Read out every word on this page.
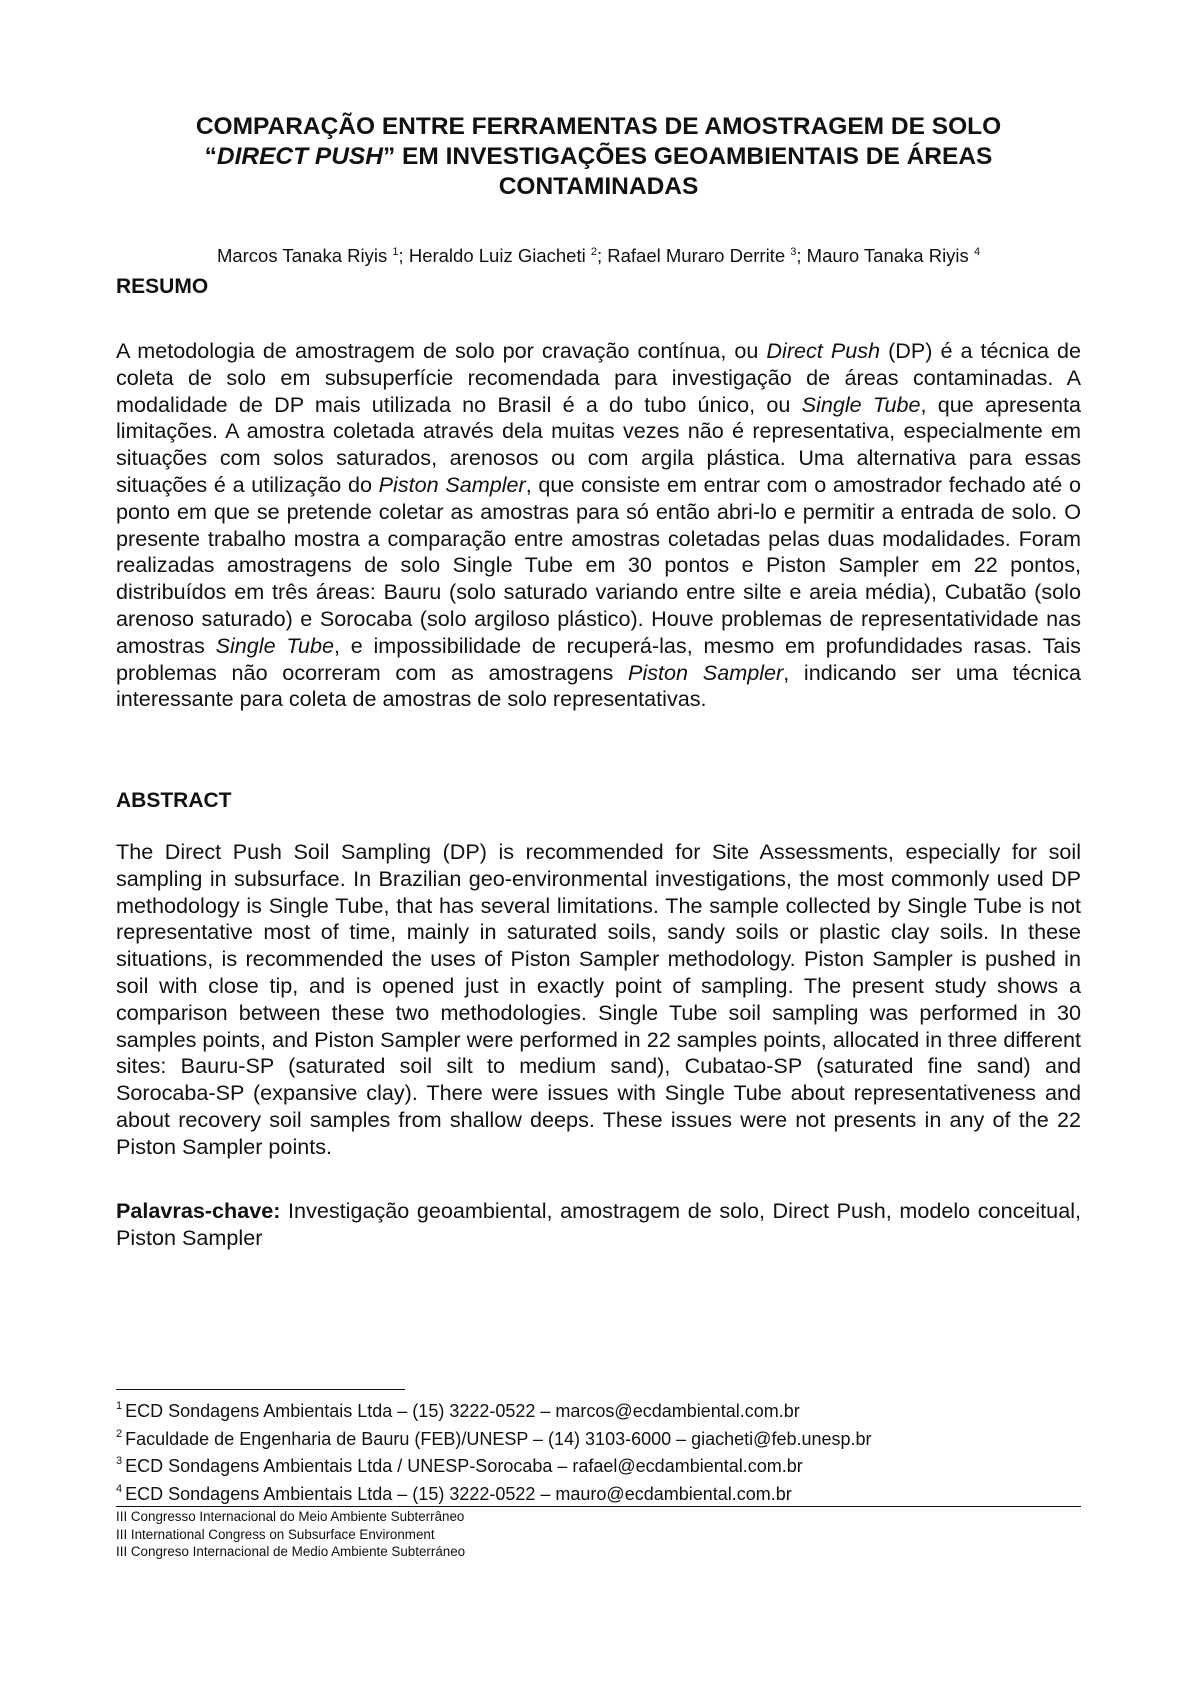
COMPARAÇÃO ENTRE FERRAMENTAS DE AMOSTRAGEM DE SOLO
“DIRECT PUSH” EM INVESTIGAÇÕES GEOAMBIENTAIS DE ÁREAS
CONTAMINADAS
Marcos Tanaka Riyis $^1$; Heraldo Luiz Giacheti $^2$; Rafael Muraro Derrite $^3$; Mauro Tanaka Riyis $^4$
RESUMO

A metodologia de amostragem de solo por cravação contínua, ou Direct Push (DP) é a técnica de coleta de solo em subsuperfície recomendada para investigação de áreas contaminadas. A modalidade de DP mais utilizada no Brasil é a do tubo único, ou Single Tube, que apresenta limitações. A amostra coletada através dela muitas vezes não é representativa, especialmente em situações com solos saturados, arenosos ou com argila plástica. Uma alternativa para essas situações é a utilização do Piston Sampler, que consiste em entrar com o amostrador fechado até o ponto em que se pretende coletar as amostras para só então abri-lo e permitir a entrada de solo. O presente trabalho mostra a comparação entre amostras coletadas pelas duas modalidades. Foram realizadas amostragens de solo Single Tube em 30 pontos e Piston Sampler em 22 pontos, distribuídos em três áreas: Bauru (solo saturado variando entre silte e areia média), Cubatão (solo arenoso saturado) e Sorocaba (solo argiloso plástico). Houve problemas de representatividade nas amostras Single Tube, e impossibilidade de recuperá-las, mesmo em profundidades rasas. Tais problemas não ocorreram com as amostragens Piston Sampler, indicando ser uma técnica interessante para coleta de amostras de solo representativas.

ABSTRACT

The Direct Push Soil Sampling (DP) is recommended for Site Assessments, especially for soil sampling in subsurface. In Brazilian geo-environmental investigations, the most commonly used DP methodology is Single Tube, that has several limitations. The sample collected by Single Tube is not representative most of time, mainly in saturated soils, sandy soils or plastic clay soils. In these situations, is recommended the uses of Piston Sampler methodology. Piston Sampler is pushed in soil with close tip, and is opened just in exactly point of sampling. The present study shows a comparison between these two methodologies. Single Tube soil sampling was performed in 30 samples points, and Piston Sampler were performed in 22 samples points, allocated in three different sites: Bauru-SP (saturated soil silt to medium sand), Cubatao-SP (saturated fine sand) and Sorocaba-SP (expansive clay). There were issues with Single Tube about representativeness and about recovery soil samples from shallow deeps. These issues were not presents in any of the 22 Piston Sampler points.

Palavras-chave: Investigação geoambiental, amostragem de solo, Direct Push, modelo conceitual, Piston Sampler

$^1$ ECD Sondagens Ambientais Ltda – (15) 3222-0522 – marcos@ecdambiental.com.br
$^2$ Faculdade de Engenharia de Bauru (FEB)/UNESP – (14) 3103-6000 – giacheti@feb.unesp.br
$^3$ ECD Sondagens Ambientais Ltda / UNESP-Sorocaba – rafael@ecdambiental.com.br
$^4$ ECD Sondagens Ambientais Ltda – (15) 3222-0522 – mauro@ecdambiental.com.br
III Congresso Internacional do Meio Ambiente Subterrâneo
III International Congress on Subsurface Environment
III Congreso Internacional de Medio Ambiente Subterráneo
